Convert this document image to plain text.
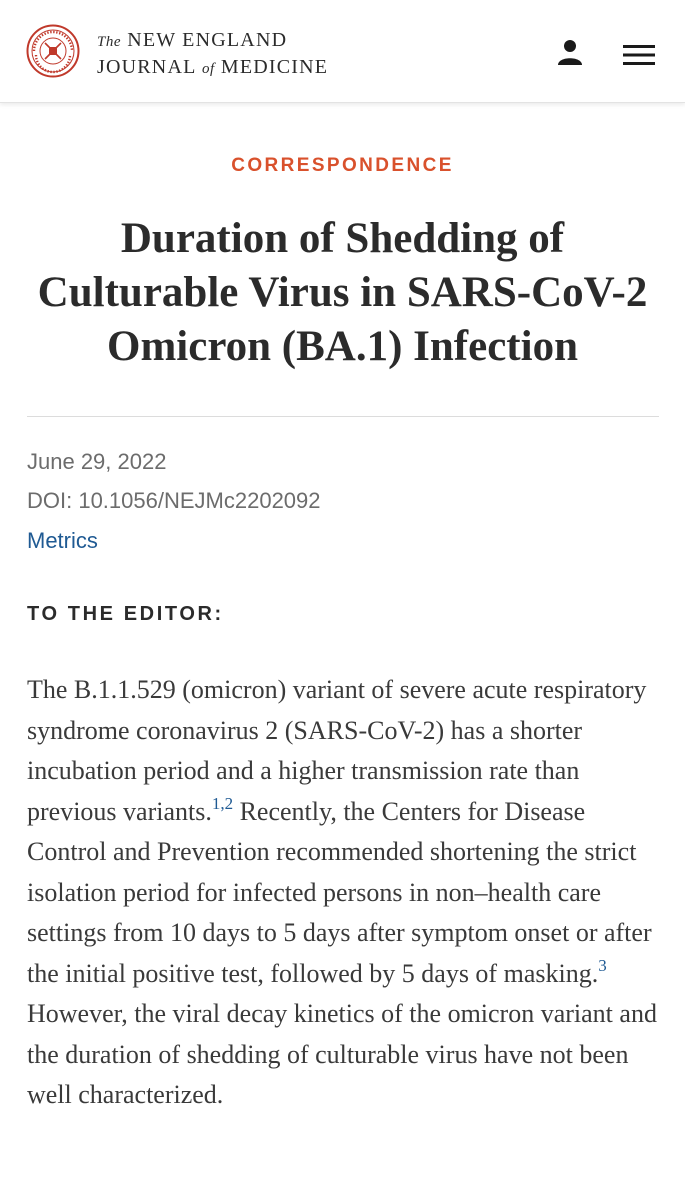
The NEW ENGLAND
JOURNAL of MEDICINE
CORRESPONDENCE
Duration of Shedding of Culturable Virus in SARS-CoV-2 Omicron (BA.1) Infection
June 29, 2022
DOI: 10.1056/NEJMc2202092
Metrics
TO THE EDITOR:

The B.1.1.529 (omicron) variant of severe acute respiratory syndrome coronavirus 2 (SARS-CoV-2) has a shorter incubation period and a higher transmission rate than previous variants.$^{1,2}$ Recently, the Centers for Disease Control and Prevention recommended shortening the strict isolation period for infected persons in non–health care settings from 10 days to 5 days after symptom onset or after the initial positive test, followed by 5 days of masking.$^3$ However, the viral decay kinetics of the omicron variant and the duration of shedding of culturable virus have not been well characterized.
